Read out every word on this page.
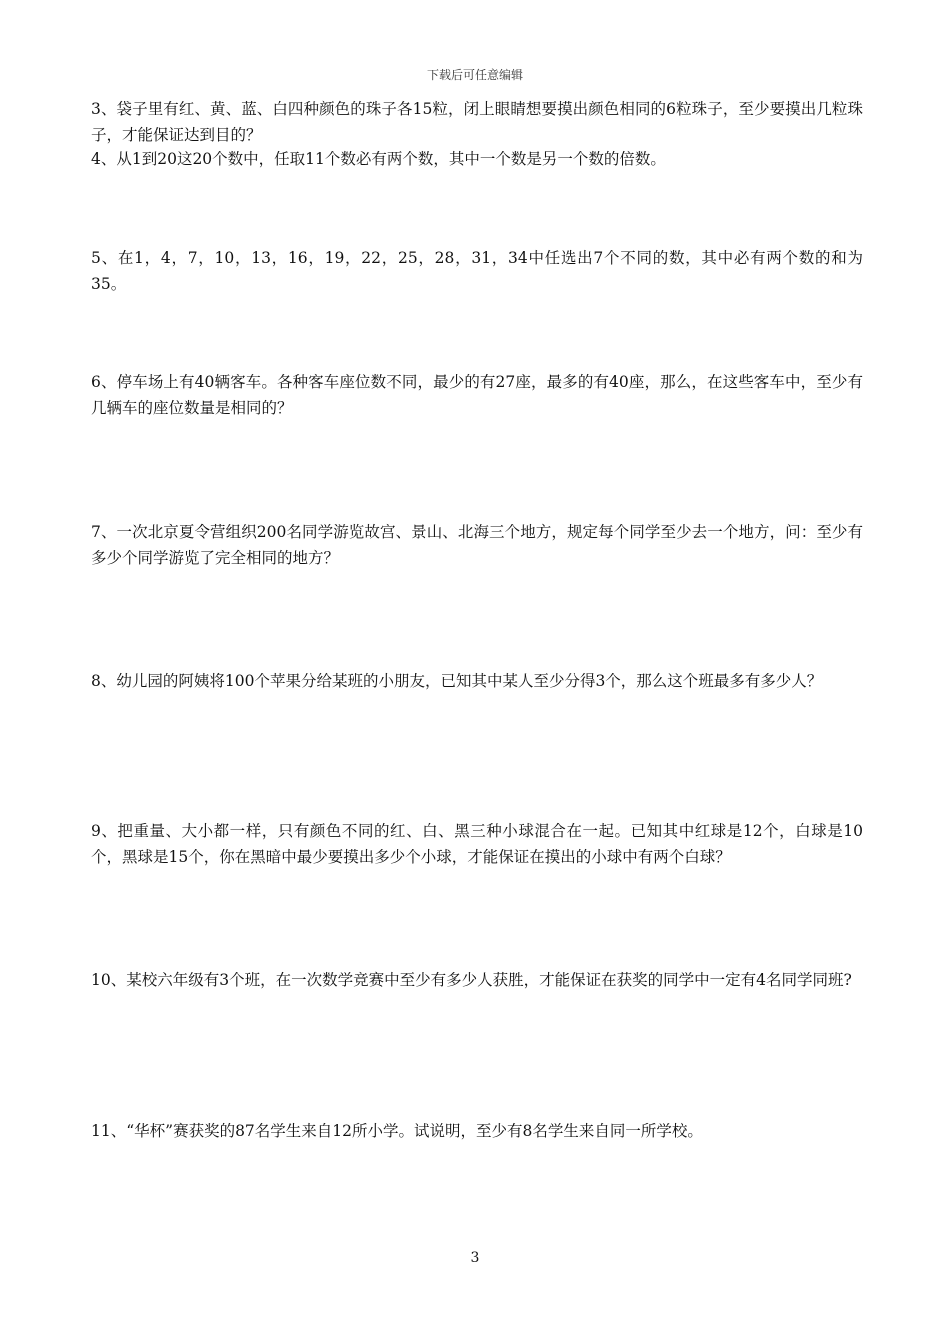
下载后可任意编辑
3、袋子里有红、黄、蓝、白四种颜色的珠子各15粒，闭上眼睛想要摸出颜色相同的6粒珠子，至少要摸出几粒珠子，才能保证达到目的？
4、从1到20这20个数中，任取11个数必有两个数，其中一个数是另一个数的倍数。
5、在1，4，7，10，13，16，19，22，25，28，31，34中任选出7个不同的数，其中必有两个数的和为35。
6、停车场上有40辆客车。各种客车座位数不同，最少的有27座，最多的有40座，那么，在这些客车中，至少有几辆车的座位数量是相同的？
7、一次北京夏令营组织200名同学游览故宫、景山、北海三个地方，规定每个同学至少去一个地方，问：至少有多少个同学游览了完全相同的地方？
8、幼儿园的阿姨将100个苹果分给某班的小朋友，已知其中某人至少分得3个，那么这个班最多有多少人？
9、把重量、大小都一样，只有颜色不同的红、白、黑三种小球混合在一起。已知其中红球是12个，白球是10个，黑球是15个，你在黑暗中最少要摸出多少个小球，才能保证在摸出的小球中有两个白球？
10、某校六年级有3个班，在一次数学竞赛中至少有多少人获胜，才能保证在获奖的同学中一定有4名同学同班?
11、“华杯”赛获奖的87名学生来自12所小学。试说明，至少有8名学生来自同一所学校。
3
